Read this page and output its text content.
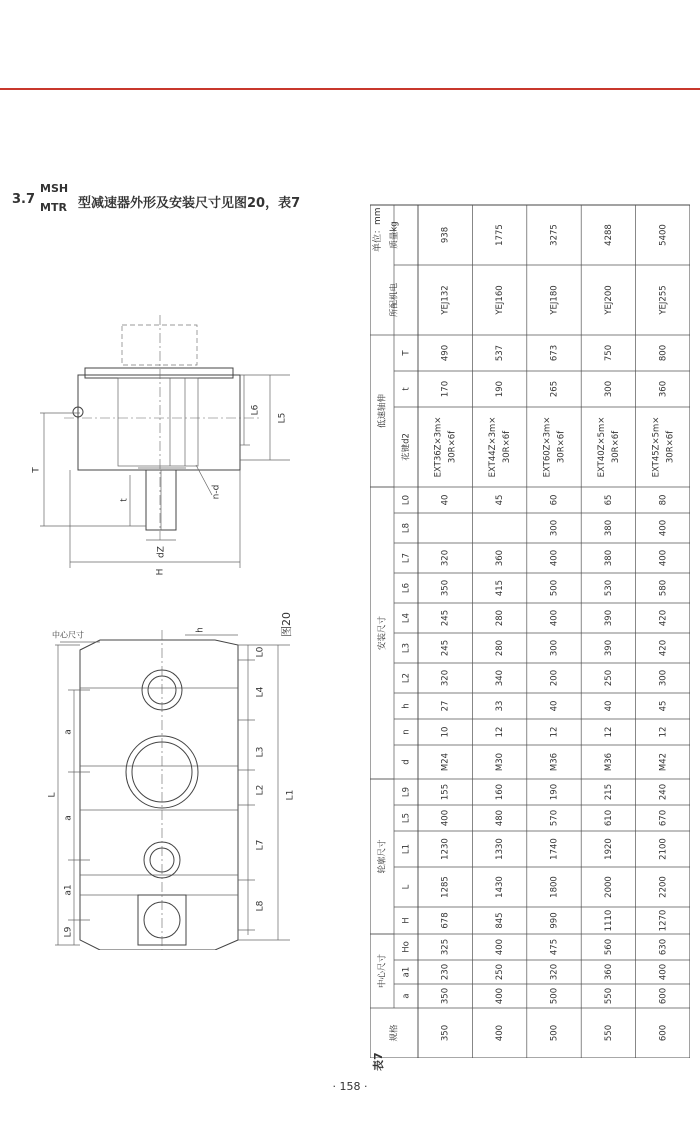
3.7
MSH
MTR 型减速器外形及安装尺寸见图20，表7
T
t
L6
L5
n-d
dZ
H
中心尺寸
h
L0
L4
L3
L2
L7
L8
L1
a
a
a1
L9
L
图20
中心尺寸
轮廓尺寸
安装尺寸
低速轴伸
规格
a
a1
Ho
H
L
L1
L5
L9
d
n
h
L2
L3
L4
L6
L7
L8
L0
花键d2
t
T
所配机电
质量kg
350
350
230
325
678
1285
1230
400
155
M24
10
27
320
245
245
350
320
40
EXT36Z×3m× 30R×6f
170
490
YEJ132
938
400
400
250
400
845
1430
1330
480
160
M30
12
33
340
280
280
415
360
45
EXT44Z×3m× 30R×6f
190
537
YEJ160
1775
500
500
320
475
990
1800
1740
570
190
M36
12
40
200
300
400
500
400
300
60
EXT60Z×3m× 30R×6f
265
673
YEJ180
3275
550
550
360
560
1110
2000
1920
610
215
M36
12
40
250
390
390
530
380
380
65
EXT40Z×5m× 30R×6f
300
750
YEJ200
4288
600
600
400
630
1270
2200
2100
670
240
M42
12
45
300
420
420
580
400
400
80
EXT45Z×5m× 30R×6f
360
800
YEJ255
5400
单位：mm
表7
· 158 ·
